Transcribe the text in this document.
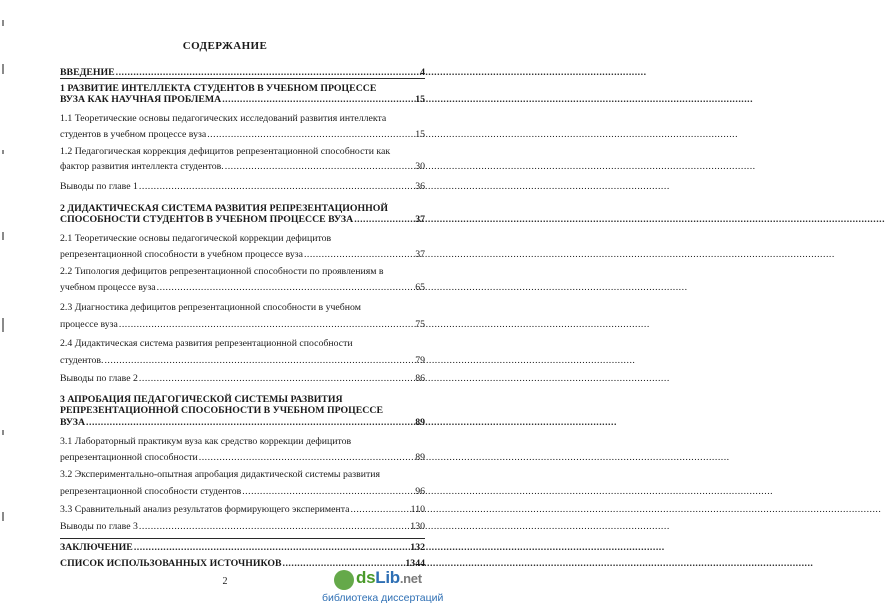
СОДЕРЖАНИЕ
ВВЕДЕНИЕ .....	4
1 РАЗВИТИЕ ИНТЕЛЛЕКТА СТУДЕНТОВ В УЧЕБНОМ ПРОЦЕССЕ
ВУЗА КАК НАУЧНАЯ ПРОБЛЕМА .....	15
1.1 Теоретические основы педагогических исследований развития интеллекта
студентов в учебном процессе вуза .....	15
1.2 Педагогическая коррекция дефицитов репрезентационной способности как
фактор развития интеллекта студентов. .....	30
Выводы по главе 1 .....	36
2 ДИДАКТИЧЕСКАЯ СИСТЕМА РАЗВИТИЯ РЕПРЕЗЕНТАЦИОННОЙ
СПОСОБНОСТИ СТУДЕНТОВ В УЧЕБНОМ ПРОЦЕССЕ ВУЗА .....	37
2.1 Теоретические основы педагогической коррекции дефицитов
репрезентационной способности в учебном процессе вуза .....	37
2.2 Типология дефицитов репрезентационной способности по проявлениям в
учебном процессе вуза .....	65
2.3 Диагностика дефицитов репрезентационной способности в учебном
процессе вуза .....	75
2.4 Дидактическая система развития репрезентационной способности
студентов. .....	79
Выводы по главе 2 .....	86
3 АПРОБАЦИЯ ПЕДАГОГИЧЕСКОЙ СИСТЕМЫ РАЗВИТИЯ
РЕПРЕЗЕНТАЦИОННОЙ СПОСОБНОСТИ В УЧЕБНОМ ПРОЦЕССЕ
ВУЗА .....	89
3.1 Лабораторный практикум вуза как средство коррекции дефицитов
репрезентационной способности .....	89
3.2 Экспериментально-опытная апробация дидактической системы развития
репрезентационной способности студентов .....	96
3.3 Сравнительный анализ результатов формирующего эксперимента .....	110
Выводы по главе 3 .....	130
ЗАКЛЮЧЕНИЕ .....	132
СПИСОК ИСПОЛЬЗОВАННЫХ ИСТОЧНИКОВ .....	1344
2	dsLib.net
библиотека диссертаций
